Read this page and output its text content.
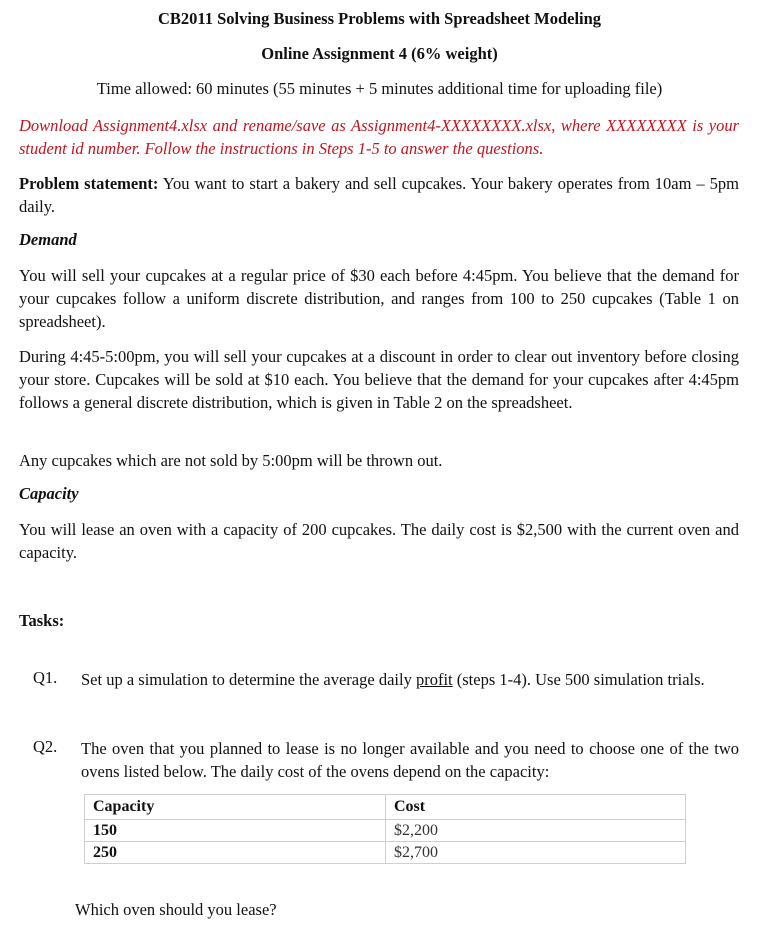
CB2011 Solving Business Problems with Spreadsheet Modeling
Online Assignment 4 (6% weight)
Time allowed: 60 minutes (55 minutes + 5 minutes additional time for uploading file)
Download Assignment4.xlsx and rename/save as Assignment4-XXXXXXXX.xlsx, where XXXXXXXX is your student id number. Follow the instructions in Steps 1-5 to answer the questions.
Problem statement: You want to start a bakery and sell cupcakes. Your bakery operates from 10am – 5pm daily.
Demand
You will sell your cupcakes at a regular price of $30 each before 4:45pm. You believe that the demand for your cupcakes follow a uniform discrete distribution, and ranges from 100 to 250 cupcakes (Table 1 on spreadsheet).
During 4:45-5:00pm, you will sell your cupcakes at a discount in order to clear out inventory before closing your store. Cupcakes will be sold at $10 each. You believe that the demand for your cupcakes after 4:45pm follows a general discrete distribution, which is given in Table 2 on the spreadsheet.
Any cupcakes which are not sold by 5:00pm will be thrown out.
Capacity
You will lease an oven with a capacity of 200 cupcakes. The daily cost is $2,500 with the current oven and capacity.
Tasks:
Q1. Set up a simulation to determine the average daily profit (steps 1-4). Use 500 simulation trials.
Q2. The oven that you planned to lease is no longer available and you need to choose one of the two ovens listed below. The daily cost of the ovens depend on the capacity:
Capacity	Cost
150	$2,200
250	$2,700
Which oven should you lease?
